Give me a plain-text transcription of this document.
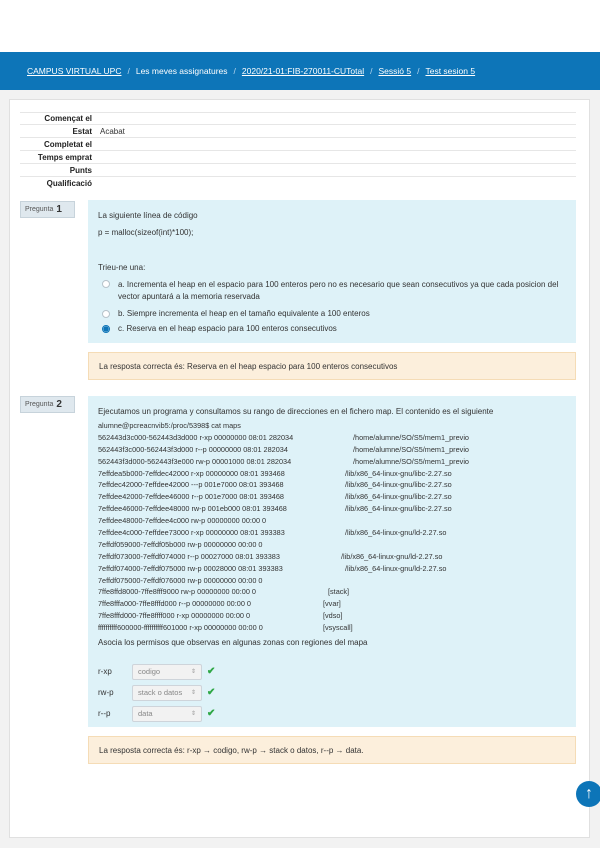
CAMPUS VIRTUAL UPC / Les meves assignatures / 2020/21-01:FIB-270011-CUTotal / Sessió 5 / Test sesion 5
Començat el
Estat	Acabat
Completat el
Temps emprat
Punts
Qualificació
Pregunta 1
La siguiente línea de código
p = malloc(sizeof(int)*100);
Trieu-ne una:
a. Incrementa el heap en el espacio para 100 enteros pero no es necesario que sean consecutivos ya que cada posicion del vector apuntará a la memoria reservada
b. Siempre incrementa el heap en el tamaño equivalente a 100 enteros
c. Reserva en el heap espacio para 100 enteros consecutivos
La resposta correcta és: Reserva en el heap espacio para 100 enteros consecutivos
Pregunta 2
Ejecutamos un programa y consultamos su rango de direcciones en el fichero map. El contenido es el siguiente
alumne@pcreacnvib5:/proc/5398$ cat maps
562443d3c000-562443d3d000 r-xp 00000000 08:01 282034	/home/alumne/SO/S5/mem1_previo
562443f3c000-562443f3d000 r--p 00000000 08:01 282034	/home/alumne/SO/S5/mem1_previo
562443f3d000-562443f3e000 rw-p 00001000 08:01 282034	/home/alumne/SO/S5/mem1_previo
7effdea5b000-7effdec42000 r-xp 00000000 08:01 393468	/lib/x86_64-linux-gnu/libc-2.27.so
7effdec42000-7effdee42000 ---p 001e7000 08:01 393468	/lib/x86_64-linux-gnu/libc-2.27.so
7effdee42000-7effdee46000 r--p 001e7000 08:01 393468	/lib/x86_64-linux-gnu/libc-2.27.so
7effdee46000-7effdee48000 rw-p 001eb000 08:01 393468	/lib/x86_64-linux-gnu/libc-2.27.so
7effdee48000-7effdee4c000 rw-p 00000000 00:00 0
7effdee4c000-7effdee73000 r-xp 00000000 08:01 393383	/lib/x86_64-linux-gnu/ld-2.27.so
7effdf059000-7effdf05b000 rw-p 00000000 00:00 0
7effdf073000-7effdf074000 r--p 00027000 08:01 393383	/lib/x86_64-linux-gnu/ld-2.27.so
7effdf074000-7effdf075000 rw-p 00028000 08:01 393383	/lib/x86_64-linux-gnu/ld-2.27.so
7effdf075000-7effdf076000 rw-p 00000000 00:00 0
7ffe8ffd8000-7ffe8fff9000 rw-p 00000000 00:00 0	[stack]
7ffe8fffa000-7ffe8fffd000 r--p 00000000 00:00 0	[vvar]
7ffe8fffd000-7ffe8ffff000 r-xp 00000000 00:00 0	[vdso]
ffffffffff600000-ffffffffff601000 r-xp 00000000 00:00 0	[vsyscall]
Asocia los permisos que observas en algunas zonas con regiones del mapa
r-xp	codigo	⇕ ✔
rw-p	stack o datos ⇕ ✔
r--p	data	⇕ ✔
La resposta correcta és: r-xp → codigo, rw-p → stack o datos, r--p → data.
↑
